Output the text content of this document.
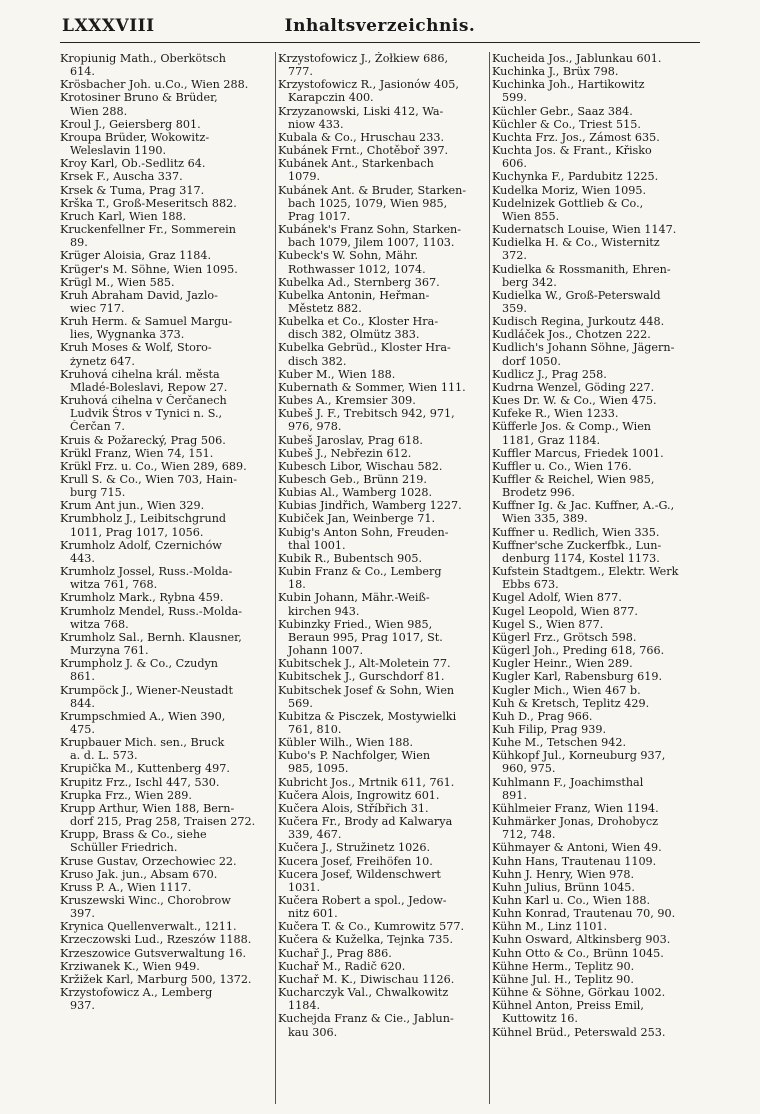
LXXXVIII	Inhaltsverzeichnis.
Kropiunig Math., Oberkötsch
614.
Krösbacher Joh. u.Co., Wien 288.
Krotosiner Bruno & Brüder,
Wien 288.
Kroul J., Geiersberg 801.
Kroupa Brüder, Wokowitz-
Weleslavin 1190.
Kroy Karl, Ob.-Sedlitz 64.
Krsek F., Auscha 337.
Krsek & Tuma, Prag 317.
Krška T., Groß-Meseritsch 882.
Kruch Karl, Wien 188.
Kruckenfellner Fr., Sommerein
89.
Krüger Aloisia, Graz 1184.
Krüger's M. Söhne, Wien 1095.
Krügl M., Wien 585.
Kruh Abraham David, Jazlo-
wiec 717.
Kruh Herm. & Samuel Margu-
lies, Wygnanka 373.
Kruh Moses & Wolf, Storo-
żynetz 647.
Kruhová cihelna král. města
Mladé-Boleslavi, Repow 27.
Kruhová cihelna v Čerčanech
Ludvik Štros v Tynici n. S.,
Čerčan 7.
Kruis & Požarecký, Prag 506.
Krükl Franz, Wien 74, 151.
Krükl Frz. u. Co., Wien 289, 689.
Krull S. & Co., Wien 703, Hain-
burg 715.
Krum Ant jun., Wien 329.
Krumbholz J., Leibitschgrund
1011, Prag 1017, 1056.
Krumholz Adolf, Czernichów
443.
Krumholz Jossel, Russ.-Molda-
witza 761, 768.
Krumholz Mark., Rybna 459.
Krumholz Mendel, Russ.-Molda-
witza 768.
Krumholz Sal., Bernh. Klausner,
Murzyna 761.
Krumpholz J. & Co., Czudyn
861.
Krumpöck J., Wiener-Neustadt
844.
Krumpschmied A., Wien 390,
475.
Krupbauer Mich. sen., Bruck
a. d. L. 573.
Krupička M., Kuttenberg 497.
Krupitz Frz., Ischl 447, 530.
Krupka Frz., Wien 289.
Krupp Arthur, Wien 188, Bern-
dorf 215, Prag 258, Traisen 272.
Krupp, Brass & Co., siehe
Schüller Friedrich.
Kruse Gustav, Orzechowiec 22.
Kruso Jak. jun., Absam 670.
Kruss P. A., Wien 1117.
Kruszewski Winc., Chorobrow
397.
Krynica Quellenverwalt., 1211.
Krzeczowski Lud., Rzeszów 1188.
Krzeszowice Gutsverwaltung 16.
Krziwanek K., Wien 949.
Kržižek Karl, Marburg 500, 1372.
Krzystofowicz A., Lemberg
937.
Krzystofowicz J., Żołkiew 686,
777.
Krzystofowicz R., Jasionów 405,
Karapczin 400.
Krzyzanowski, Liski 412, Wa-
niow 433.
Kubala & Co., Hruschau 233.
Kubánek Frnt., Chotěboř 397.
Kubánek Ant., Starkenbach
1079.
Kubánek Ant. & Bruder, Starken-
bach 1025, 1079, Wien 985,
Prag 1017.
Kubánek's Franz Sohn, Starken-
bach 1079, Jilem 1007, 1103.
Kubeck's W. Sohn, Mähr.
Rothwasser 1012, 1074.
Kubelka Ad., Sternberg 367.
Kubelka Antonin, Heřman-
Městetz 882.
Kubelka et Co., Kloster Hra-
disch 382, Olmütz 383.
Kubelka Gebrüd., Kloster Hra-
disch 382.
Kuber M., Wien 188.
Kubernath & Sommer, Wien 111.
Kubes A., Kremsier 309.
Kubeš J. F., Trebitsch 942, 971,
976, 978.
Kubeš Jaroslav, Prag 618.
Kubeš J., Nebřezin 612.
Kubesch Libor, Wischau 582.
Kubesch Geb., Brünn 219.
Kubias Al., Wamberg 1028.
Kubias Jindřich, Wamberg 1227.
Kubiček Jan, Weinberge 71.
Kubig's Anton Sohn, Freuden-
thal 1001.
Kubik R., Bubentsch 905.
Kubin Franz & Co., Lemberg
18.
Kubin Johann, Mähr.-Weiß-
kirchen 943.
Kubinzky Fried., Wien 985,
Beraun 995, Prag 1017, St.
Johann 1007.
Kubitschek J., Alt-Moletein 77.
Kubitschek J., Gurschdorf 81.
Kubitschek Josef & Sohn, Wien
569.
Kubitza & Pisczek, Mostywielki
761, 810.
Kübler Wilh., Wien 188.
Kubo's P. Nachfolger, Wien
985, 1095.
Kubricht Jos., Mrtnik 611, 761.
Kučera Alois, Ingrowitz 601.
Kučera Alois, Stříbřich 31.
Kučera Fr., Brody ad Kalwarya
339, 467.
Kučera J., Stružinetz 1026.
Kucera Josef, Freihöfen 10.
Kucera Josef, Wildenschwert
1031.
Kučera Robert a spol., Jedow-
nitz 601.
Kučera T. & Co., Kumrowitz 577.
Kučera & Kuželka, Tejnka 735.
Kuchař J., Prag 886.
Kuchař M., Radič 620.
Kuchař M. K., Diwischau 1126.
Kucharczyk Val., Chwalkowitz
1184.
Kuchejda Franz & Cie., Jablun-
kau 306.
Kucheida Jos., Jablunkau 601.
Kuchinka J., Brüx 798.
Kuchinka Joh., Hartikowitz
599.
Küchler Gebr., Saaz 384.
Küchler & Co., Triest 515.
Kuchta Frz. Jos., Zámost 635.
Kuchta Jos. & Frant., Křisko
606.
Kuchynka F., Pardubitz 1225.
Kudelka Moriz, Wien 1095.
Kudelnizek Gottlieb & Co.,
Wien 855.
Kudernatsch Louise, Wien 1147.
Kudielka H. & Co., Wisternitz
372.
Kudielka & Rossmanith, Ehren-
berg 342.
Kudielka W., Groß-Peterswald
359.
Kudisch Regina, Jurkoutz 448.
Kudláček Jos., Chotzen 222.
Kudlich's Johann Söhne, Jägern-
dorf 1050.
Kudlicz J., Prag 258.
Kudrna Wenzel, Göding 227.
Kues Dr. W. & Co., Wien 475.
Kufeke R., Wien 1233.
Küfferle Jos. & Comp., Wien
1181, Graz 1184.
Kuffler Marcus, Friedek 1001.
Kuffler u. Co., Wien 176.
Kuffler & Reichel, Wien 985,
Brodetz 996.
Kuffner Ig. & Jac. Kuffner, A.-G.,
Wien 335, 389.
Kuffner u. Redlich, Wien 335.
Kuffner'sche Zuckerfbk., Lun-
denburg 1174, Kostel 1173.
Kufstein Stadtgem., Elektr. Werk
Ebbs 673.
Kugel Adolf, Wien 877.
Kugel Leopold, Wien 877.
Kugel S., Wien 877.
Kügerl Frz., Grötsch 598.
Kügerl Joh., Preding 618, 766.
Kugler Heinr., Wien 289.
Kugler Karl, Rabensburg 619.
Kugler Mich., Wien 467 b.
Kuh & Kretsch, Teplitz 429.
Kuh D., Prag 966.
Kuh Filip, Prag 939.
Kuhe M., Tetschen 942.
Kühkopf Jul., Korneuburg 937,
960, 975.
Kuhlmann F., Joachimsthal
891.
Kühlmeier Franz, Wien 1194.
Kuhmärker Jonas, Drohobycz
712, 748.
Kühmayer & Antoni, Wien 49.
Kuhn Hans, Trautenau 1109.
Kuhn J. Henry, Wien 978.
Kuhn Julius, Brünn 1045.
Kuhn Karl u. Co., Wien 188.
Kuhn Konrad, Trautenau 70, 90.
Kühn M., Linz 1101.
Kuhn Osward, Altkinsberg 903.
Kuhn Otto & Co., Brünn 1045.
Kühne Herm., Teplitz 90.
Kühne Jul. H., Teplitz 90.
Kühne & Söhne, Görkau 1002.
Kühnel Anton, Preiss Emil,
Kuttowitz 16.
Kühnel Brüd., Peterswald 253.
